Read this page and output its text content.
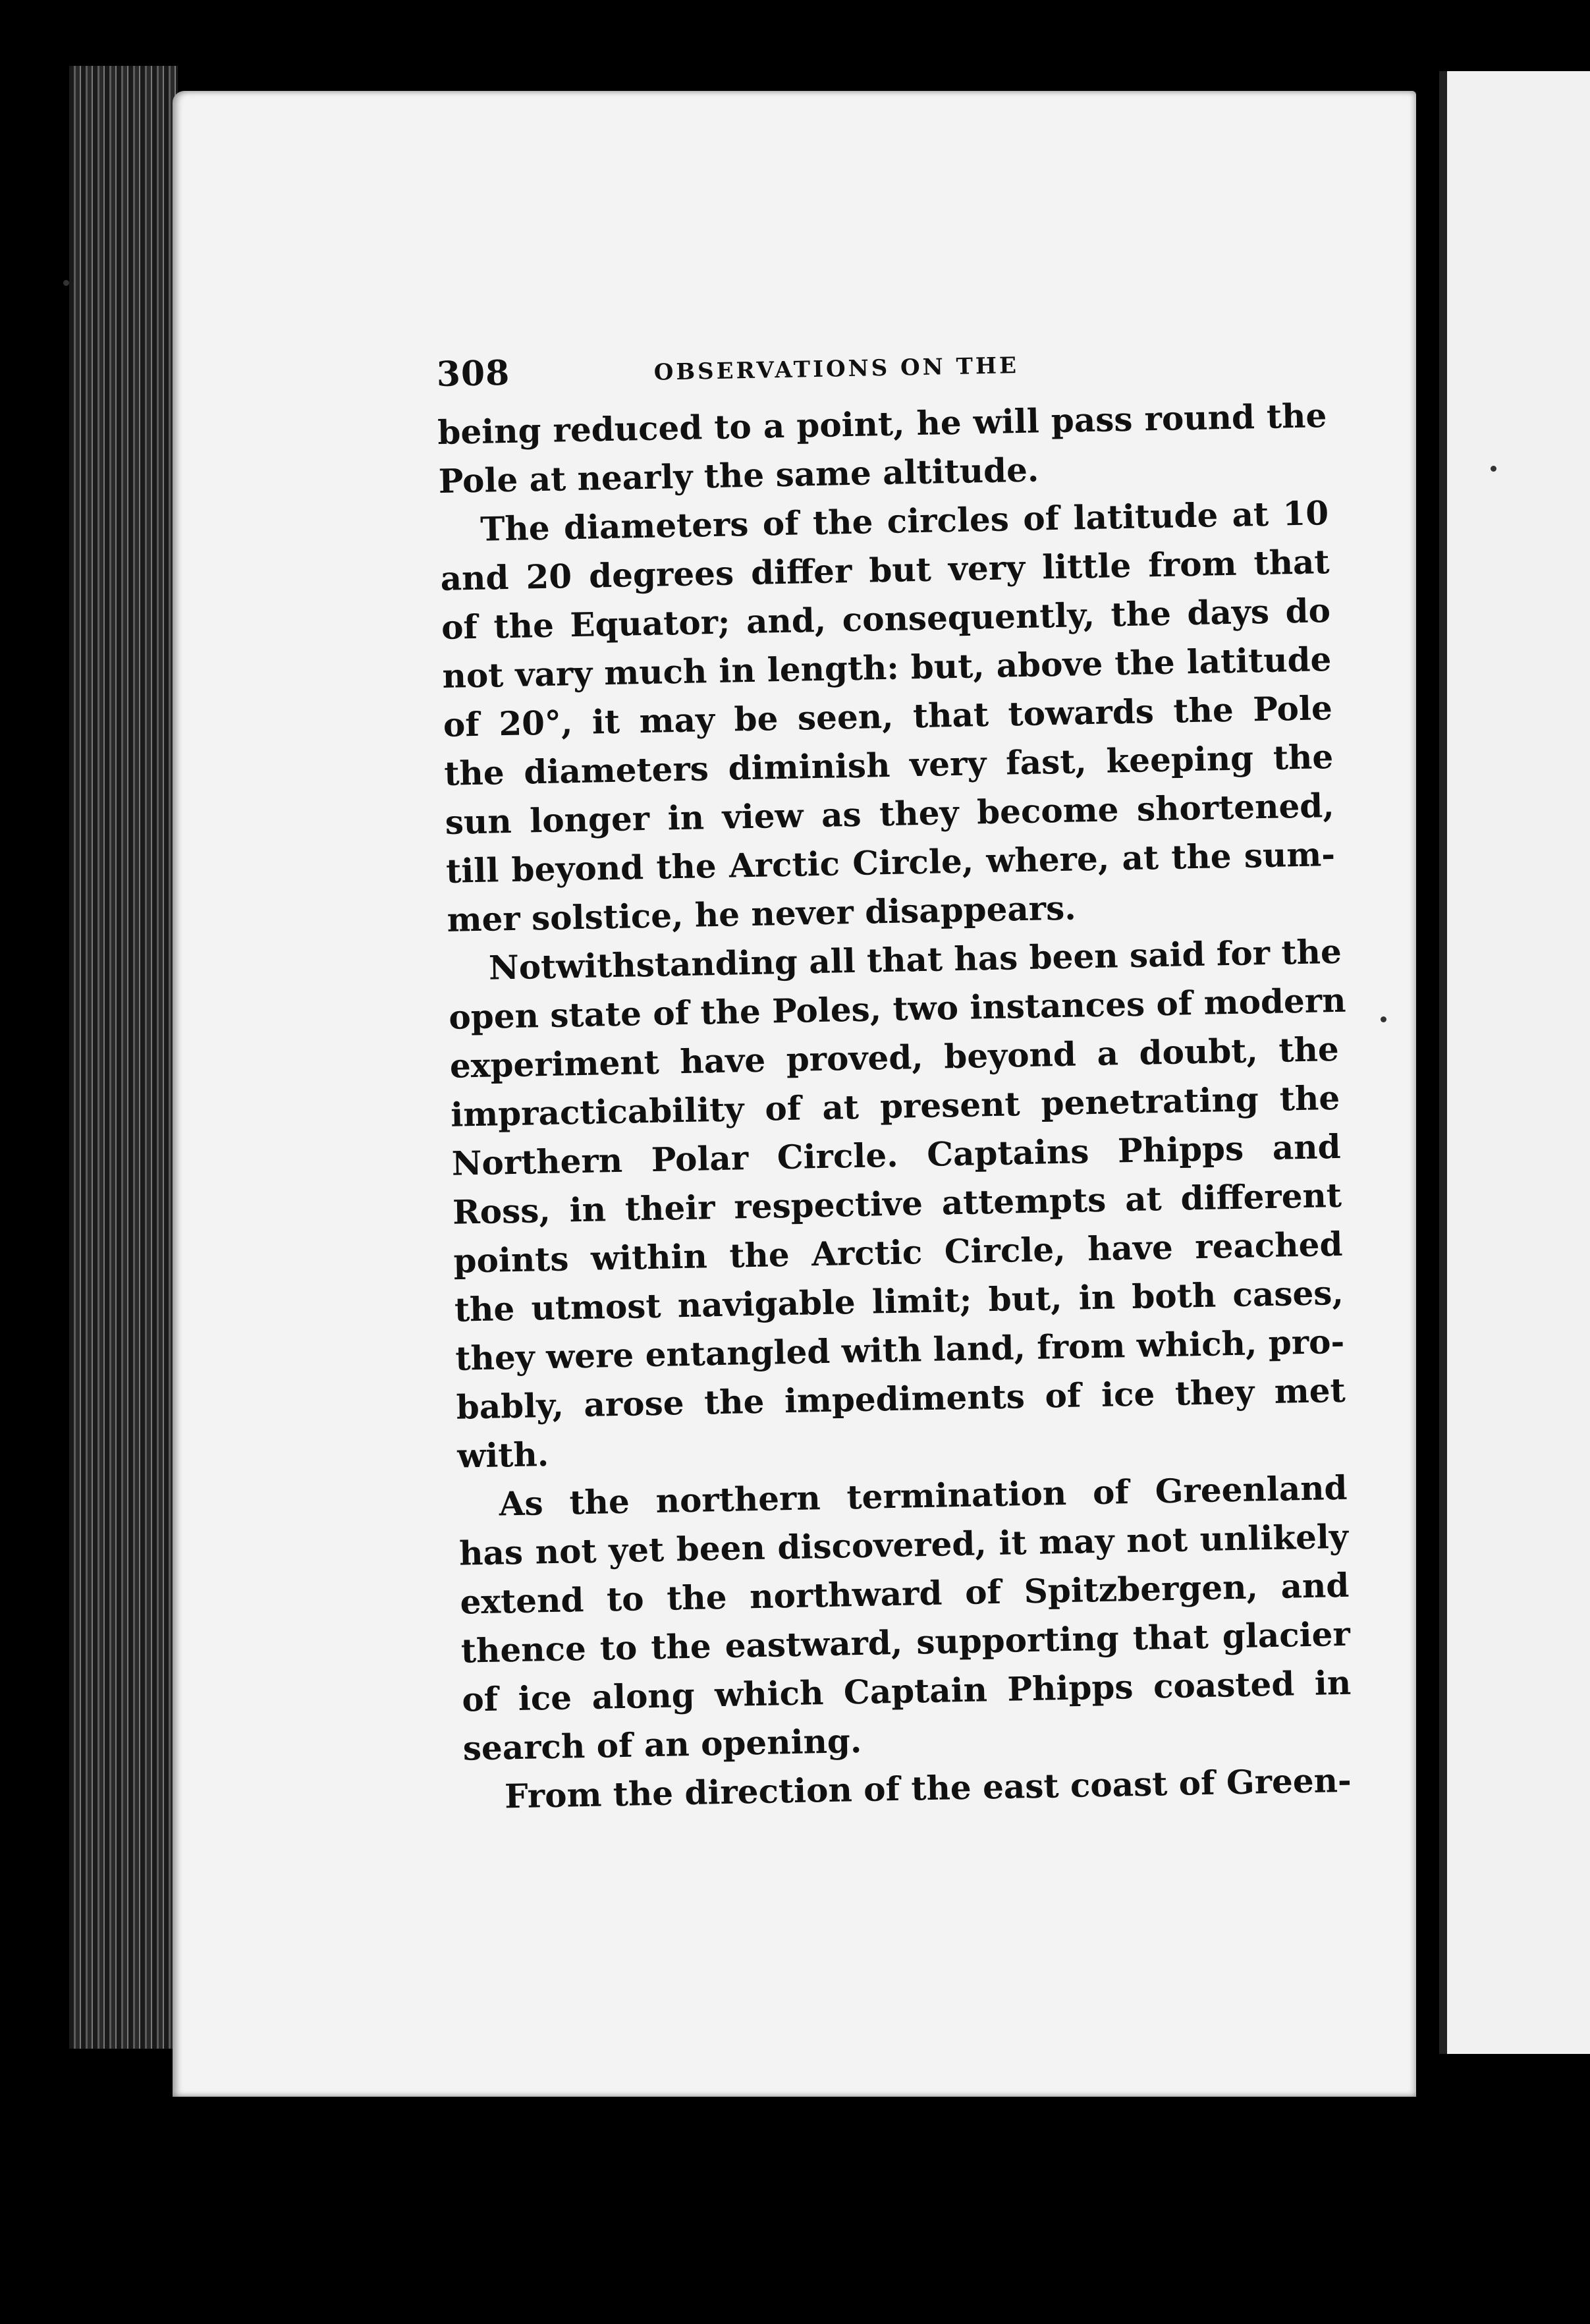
308	OBSERVATIONS ON THE

being reduced to a point, he will pass round the
Pole at nearly the same altitude.

The diameters of the circles of latitude at 10
and 20 degrees differ but very little from that
of the Equator; and, consequently, the days do
not vary much in length: but, above the latitude
of 20°, it may be seen, that towards the Pole
the diameters diminish very fast, keeping the
sun longer in view as they become shortened,
till beyond the Arctic Circle, where, at the sum-
mer solstice, he never disappears.

Notwithstanding all that has been said for the
open state of the Poles, two instances of modern
experiment have proved, beyond a doubt, the
impracticability of at present penetrating the
Northern Polar Circle. Captains Phipps and
Ross, in their respective attempts at different
points within the Arctic Circle, have reached
the utmost navigable limit; but, in both cases,
they were entangled with land, from which, pro-
bably, arose the impediments of ice they met
with.

As the northern termination of Greenland
has not yet been discovered, it may not unlikely
extend to the northward of Spitzbergen, and
thence to the eastward, supporting that glacier
of ice along which Captain Phipps coasted in
search of an opening.

From the direction of the east coast of Green-
